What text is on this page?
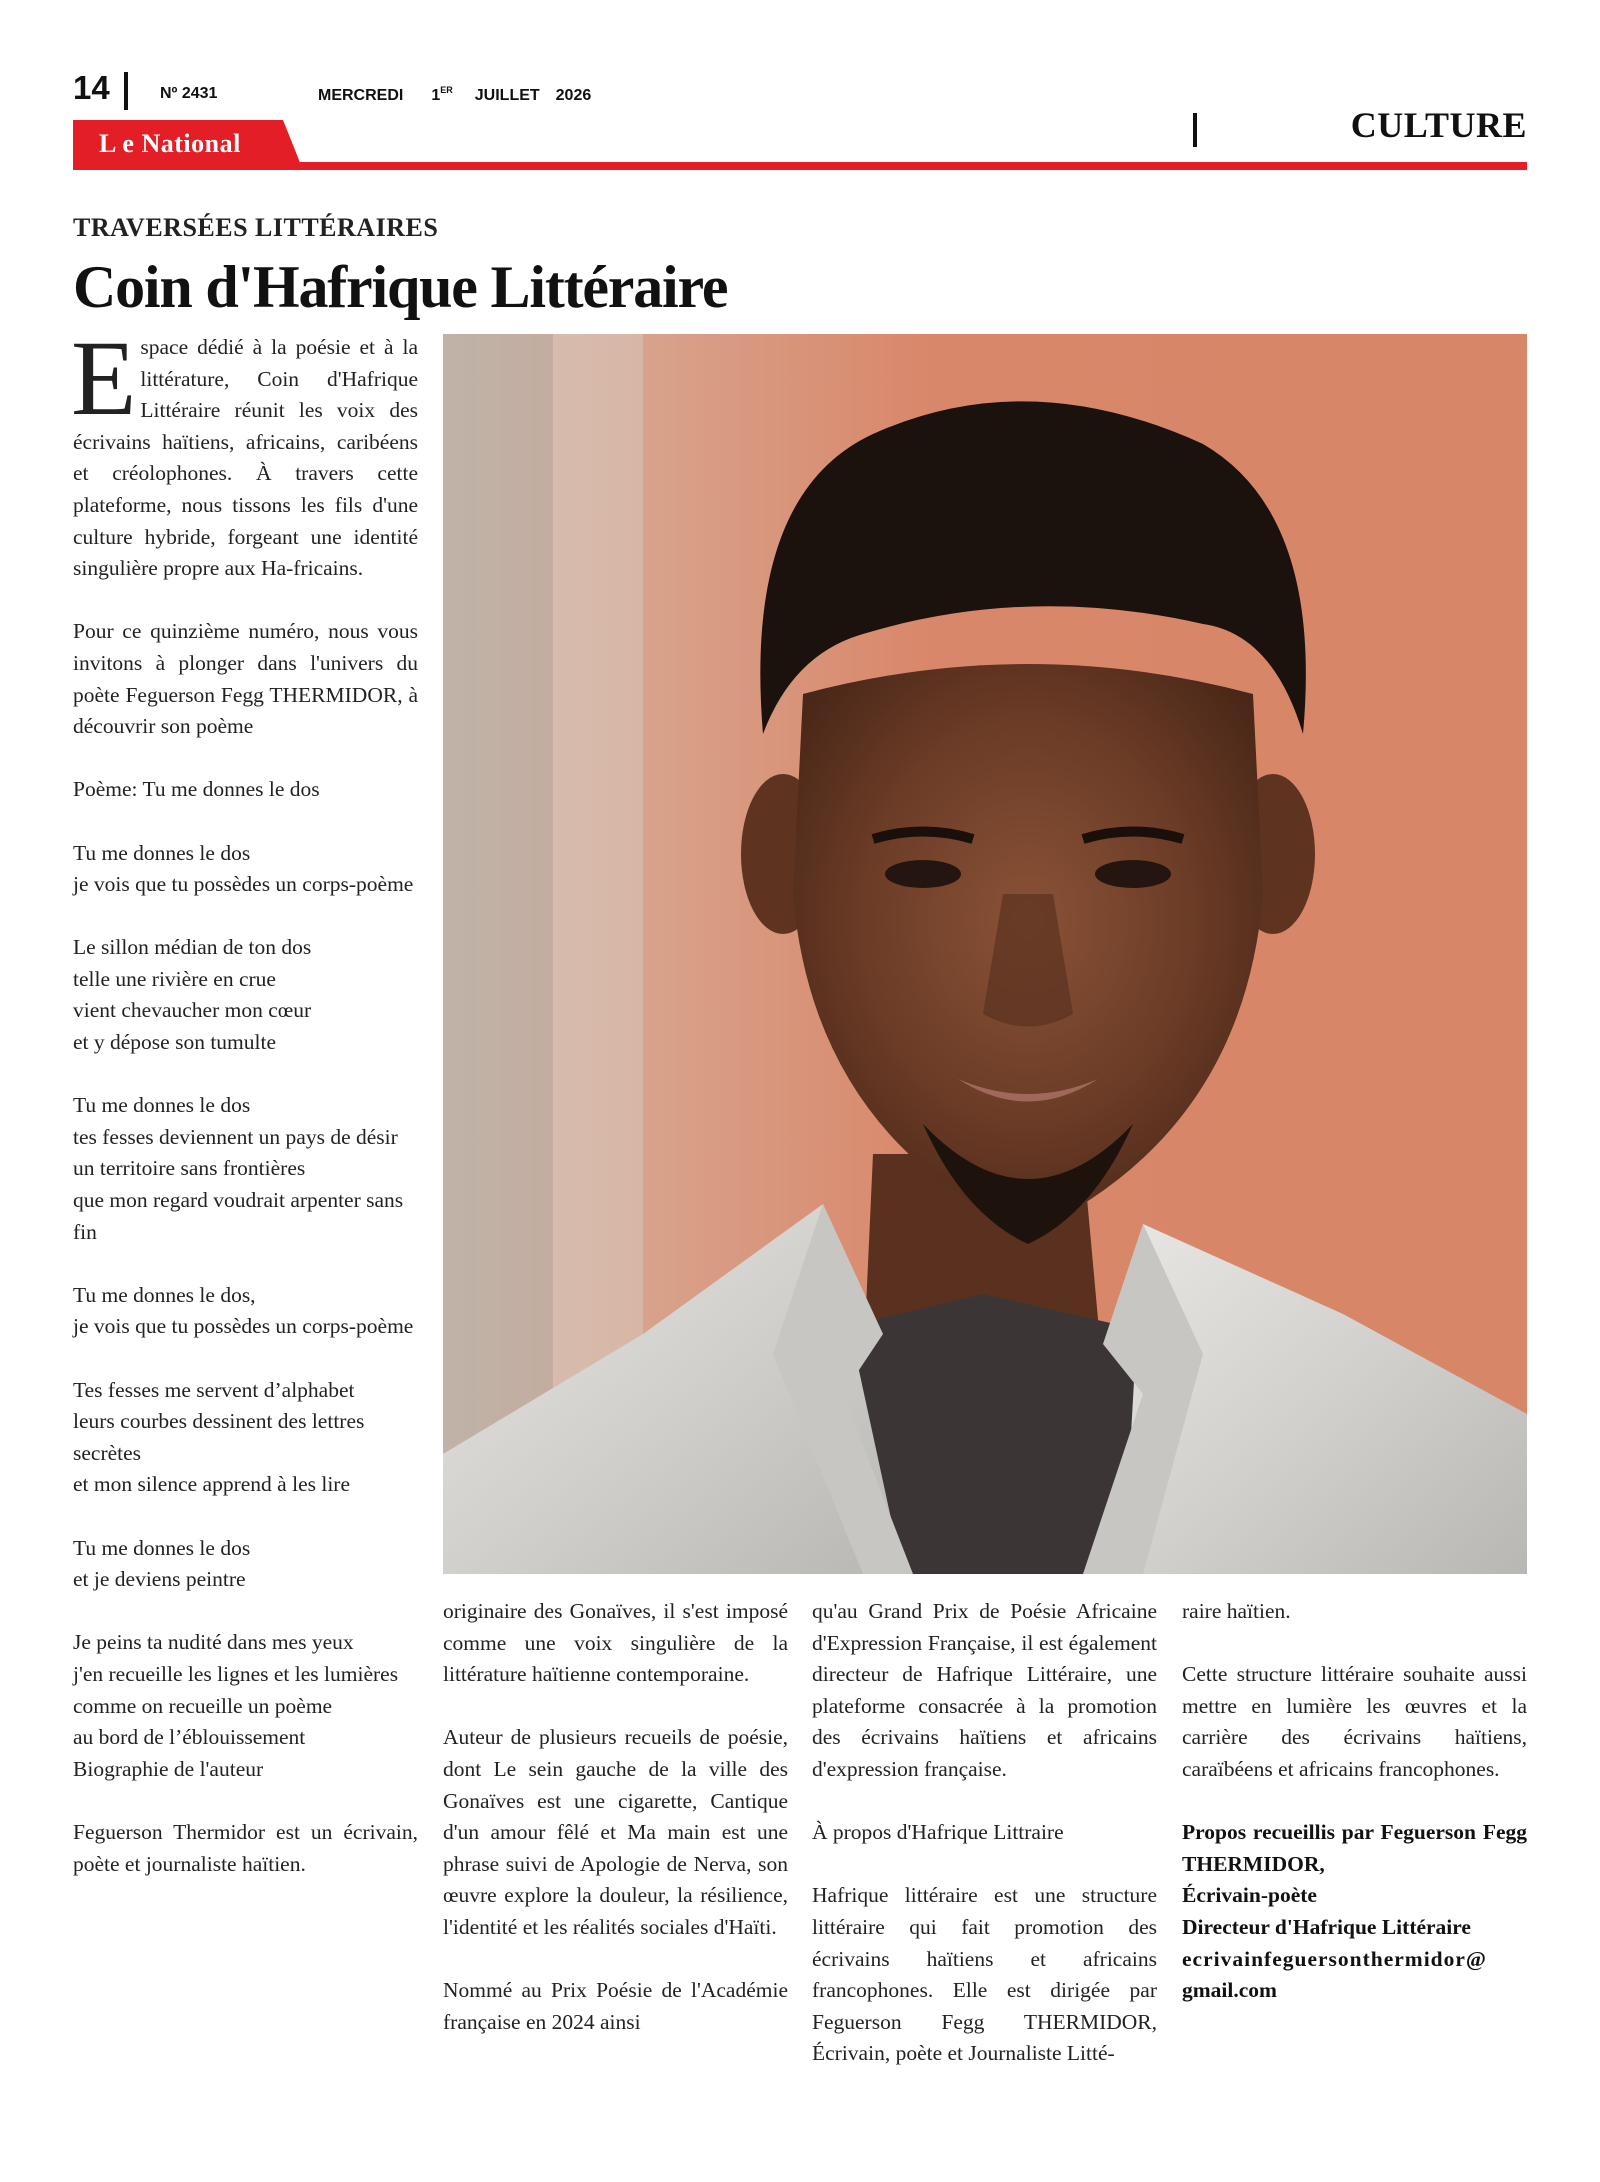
14	Nº 2431	MERCREDI 1ER JUILLET 2026
L e National	CULTURE
TRAVERSÉES LITTÉRAIRES
Coin d'Hafrique Littéraire

Espace dédié à la poésie et à la littérature, Coin d'Hafrique Littéraire réunit les voix des écrivains haïtiens, africains, caribéens et créolophones. À travers cette plateforme, nous tissons les fils d'une culture hybride, forgeant une identité singulière propre aux Ha-fricains.

Pour ce quinzième numéro, nous vous invitons à plonger dans l'univers du poète Feguerson Fegg THERMIDOR, à découvrir son poème

Poème: Tu me donnes le dos

Tu me donnes le dos
je vois que tu possèdes un corps-poème

Le sillon médian de ton dos
telle une rivière en crue
vient chevaucher mon cœur
et y dépose son tumulte

Tu me donnes le dos
tes fesses deviennent un pays de désir
un territoire sans frontières
que mon regard voudrait arpenter sans fin

Tu me donnes le dos,
je vois que tu possèdes un corps-poème

Tes fesses me servent d’alphabet
leurs courbes dessinent des lettres secrètes
et mon silence apprend à les lire

Tu me donnes le dos
et je deviens peintre

Je peins ta nudité dans mes yeux
j'en recueille les lignes et les lumières
comme on recueille un poème
au bord de l’éblouissement

Biographie de l'auteur

Feguerson Thermidor est un écrivain, poète et journaliste haïtien.

originaire des Gonaïves, il s'est imposé comme une voix singulière de la littérature haïtienne contemporaine.

Auteur de plusieurs recueils de poésie, dont Le sein gauche de la ville des Gonaïves est une cigarette, Cantique d'un amour fêlé et Ma main est une phrase suivi de Apologie de Nerva, son œuvre explore la douleur, la résilience, l'identité et les réalités sociales d'Haïti.

Nommé au Prix Poésie de l'Académie française en 2024 ainsi

qu'au Grand Prix de Poésie Africaine d'Expression Française, il est également directeur de Hafrique Littéraire, une plateforme consacrée à la promotion des écrivains haïtiens et africains d'expression française.

À propos d'Hafrique Littraire

Hafrique littéraire est une structure littéraire qui fait promotion des écrivains haïtiens et africains francophones. Elle est dirigée par Feguerson Fegg THERMIDOR, Écrivain, poète et Journaliste Litté-

raire haïtien.

Cette structure littéraire souhaite aussi mettre en lumière les œuvres et la carrière des écrivains haïtiens, caraïbéens et africains francophones.

Propos recueillis par Feguerson Fegg THERMIDOR,
Écrivain-poète
Directeur d'Hafrique Littéraire
ecrivainfeguersonthermidor@
gmail.com
